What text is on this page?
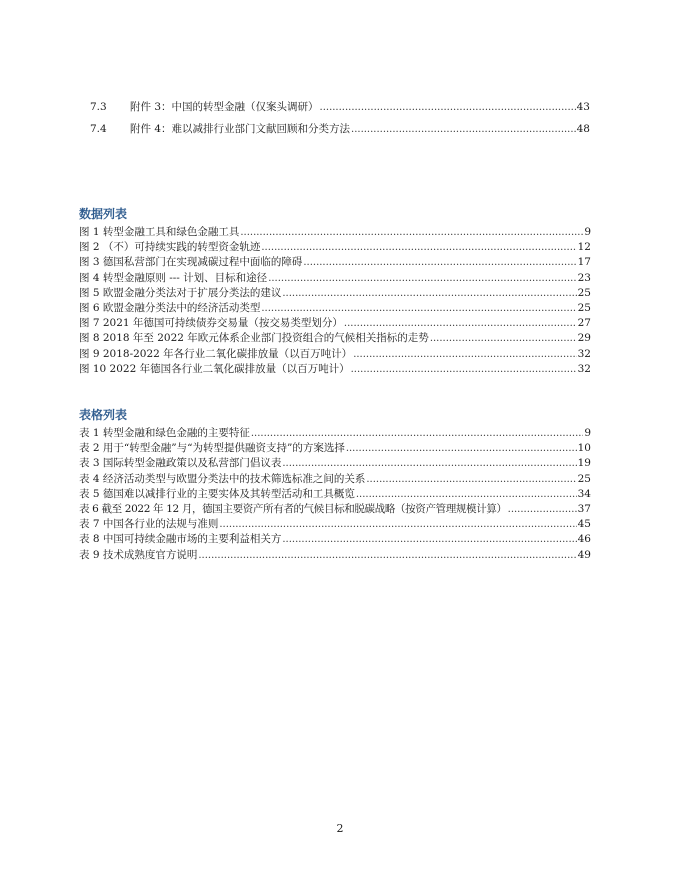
7.3	附件 3：中国的转型金融（仅案头调研） .....	43
7.4	附件 4：难以减排行业部门文献回顾和分类方法 .....	48
数据列表
图 1 转型金融工具和绿色金融工具 .....	9
图 2 （不）可持续实践的转型资金轨迹 .....	12
图 3 德国私营部门在实现减碳过程中面临的障碍 .....	17
图 4 转型金融原则 --- 计划、目标和途径 .....	23
图 5 欧盟金融分类法对于扩展分类法的建议 .....	25
图 6 欧盟金融分类法中的经济活动类型 .....	25
图 7 2021 年德国可持续债券交易量（按交易类型划分） .....	27
图 8 2018 年至 2022 年欧元体系企业部门投资组合的气候相关指标的走势 .....	29
图 9 2018-2022 年各行业二氧化碳排放量（以百万吨计） .....	32
图 10 2022 年德国各行业二氧化碳排放量（以百万吨计） .....	32
表格列表
表 1 转型金融和绿色金融的主要特征 .....	9
表 2 用于“转型金融”与“为转型提供融资支持”的方案选择 .....	10
表 3 国际转型金融政策以及私营部门倡议表 .....	19
表 4 经济活动类型与欧盟分类法中的技术筛选标准之间的关系 .....	25
表 5 德国难以减排行业的主要实体及其转型活动和工具概览 .....	34
表 6 截至 2022 年 12 月，德国主要资产所有者的气候目标和脱碳战略（按资产管理规模计算） .....	37
表 7 中国各行业的法规与准则 .....	45
表 8 中国可持续金融市场的主要利益相关方 .....	46
表 9 技术成熟度官方说明 .....	49
2
